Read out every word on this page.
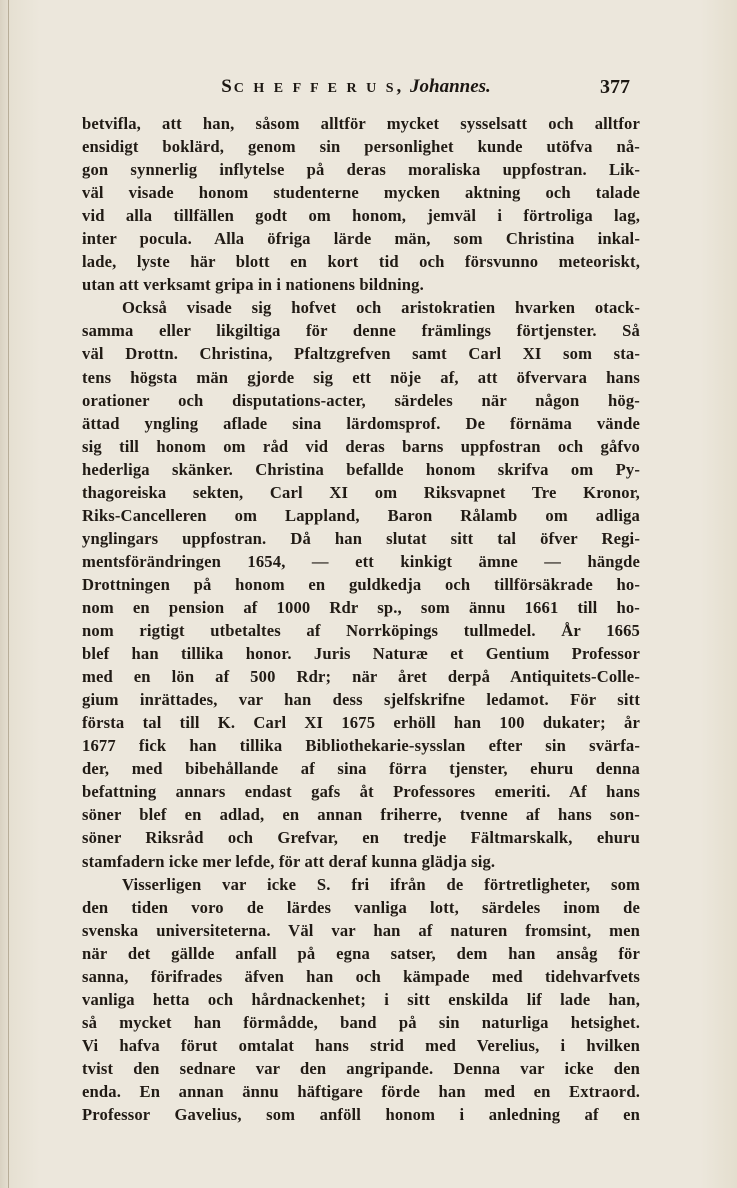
SC H E F F E R U S, Johannes.	377
betvifla, att han, såsom alltför mycket sysselsatt och alltfor
ensidigt boklärd, genom sin personlighet kunde utöfva nå-
gon synnerlig inflytelse på deras moraliska uppfostran. Lik-
väl visade honom studenterne mycken aktning och talade
vid alla tillfällen godt om honom, jemväl i förtroliga lag,
inter pocula. Alla öfriga lärde män, som Christina inkal-
lade, lyste här blott en kort tid och försvunno meteoriskt,
utan att verksamt gripa in i nationens bildning.
Också visade sig hofvet och aristokratien hvarken otack-
samma eller likgiltiga för denne främlings förtjenster. Så
väl Drottn. Christina, Pfaltzgrefven samt Carl XI som sta-
tens högsta män gjorde sig ett nöje af, att öfvervara hans
orationer och disputations-acter, särdeles när någon hög-
ättad yngling aflade sina lärdomsprof. De förnäma vände
sig till honom om råd vid deras barns uppfostran och gåfvo
hederliga skänker. Christina befallde honom skrifva om Py-
thagoreiska sekten, Carl XI om Riksvapnet Tre Kronor,
Riks-Cancelleren om Lappland, Baron Rålamb om adliga
ynglingars uppfostran. Då han slutat sitt tal öfver Regi-
mentsförändringen 1654, — ett kinkigt ämne — hängde
Drottningen på honom en guldkedja och tillförsäkrade ho-
nom en pension af 1000 Rdr sp., som ännu 1661 till ho-
nom rigtigt utbetaltes af Norrköpings tullmedel. År 1665
blef han tillika honor. Juris Naturæ et Gentium Professor
med en lön af 500 Rdr; när året derpå Antiquitets-Colle-
gium inrättades, var han dess sjelfskrifne ledamot. För sitt
första tal till K. Carl XI 1675 erhöll han 100 dukater; år
1677 fick han tillika Bibliothekarie-sysslan efter sin svärfa-
der, med bibehållande af sina förra tjenster, ehuru denna
befattning annars endast gafs åt Professores emeriti. Af hans
söner blef en adlad, en annan friherre, tvenne af hans son-
söner Riksråd och Grefvar, en tredje Fältmarskalk, ehuru
stamfadern icke mer lefde, för att deraf kunna glädja sig.
Visserligen var icke S. fri ifrån de förtretligheter, som
den tiden voro de lärdes vanliga lott, särdeles inom de
svenska universiteterna. Väl var han af naturen fromsint, men
när det gällde anfall på egna satser, dem han ansåg för
sanna, förifrades äfven han och kämpade med tidehvarfvets
vanliga hetta och hårdnackenhet; i sitt enskilda lif lade han,
så mycket han förmådde, band på sin naturliga hetsighet.
Vi hafva förut omtalat hans strid med Verelius, i hvilken
tvist den sednare var den angripande. Denna var icke den
enda. En annan ännu häftigare förde han med en Extraord.
Professor Gavelius, som anföll honom i anledning af en
